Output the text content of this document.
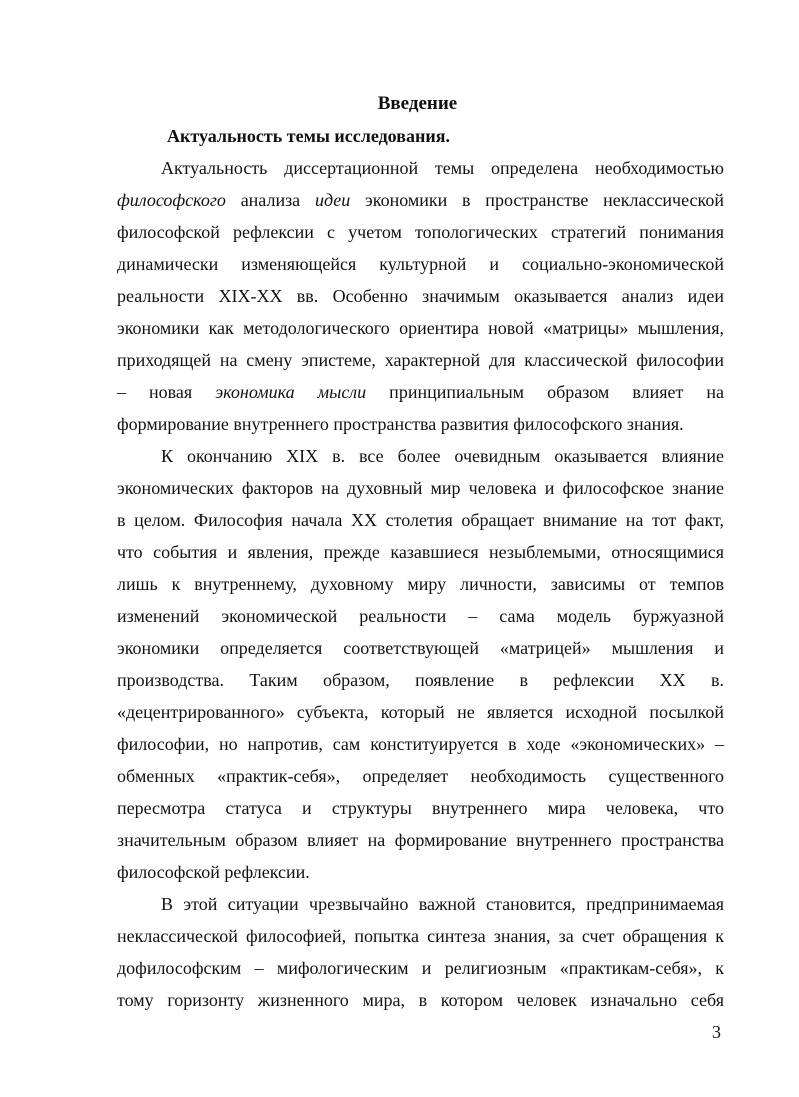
Введение
Актуальность темы исследования.
Актуальность диссертационной темы определена необходимостью
философского анализа идеи экономики в пространстве неклассической
философской рефлексии с учетом топологических стратегий понимания
динамически изменяющейся культурной и социально-экономической
реальности XIX-XX вв. Особенно значимым оказывается анализ идеи
экономики как методологического ориентира новой «матрицы» мышления,
приходящей на смену эпистеме, характерной для классической философии
– новая экономика мысли принципиальным образом влияет на
формирование внутреннего пространства развития философского знания.
К окончанию XIX в. все более очевидным оказывается влияние
экономических факторов на духовный мир человека и философское знание
в целом. Философия начала XX столетия обращает внимание на тот факт,
что события и явления, прежде казавшиеся незыблемыми, относящимися
лишь к внутреннему, духовному миру личности, зависимы от темпов
изменений экономической реальности – сама модель буржуазной
экономики определяется соответствующей «матрицей» мышления и
производства. Таким образом, появление в рефлексии XX в.
«децентрированного» субъекта, который не является исходной посылкой
философии, но напротив, сам конституируется в ходе «экономических» –
обменных «практик-себя», определяет необходимость существенного
пересмотра статуса и структуры внутреннего мира человека, что
значительным образом влияет на формирование внутреннего пространства
философской рефлексии.
В этой ситуации чрезвычайно важной становится, предпринимаемая
неклассической философией, попытка синтеза знания, за счет обращения к
дофилософским – мифологическим и религиозным «практикам-себя», к
тому горизонту жизненного мира, в котором человек изначально себя
3
